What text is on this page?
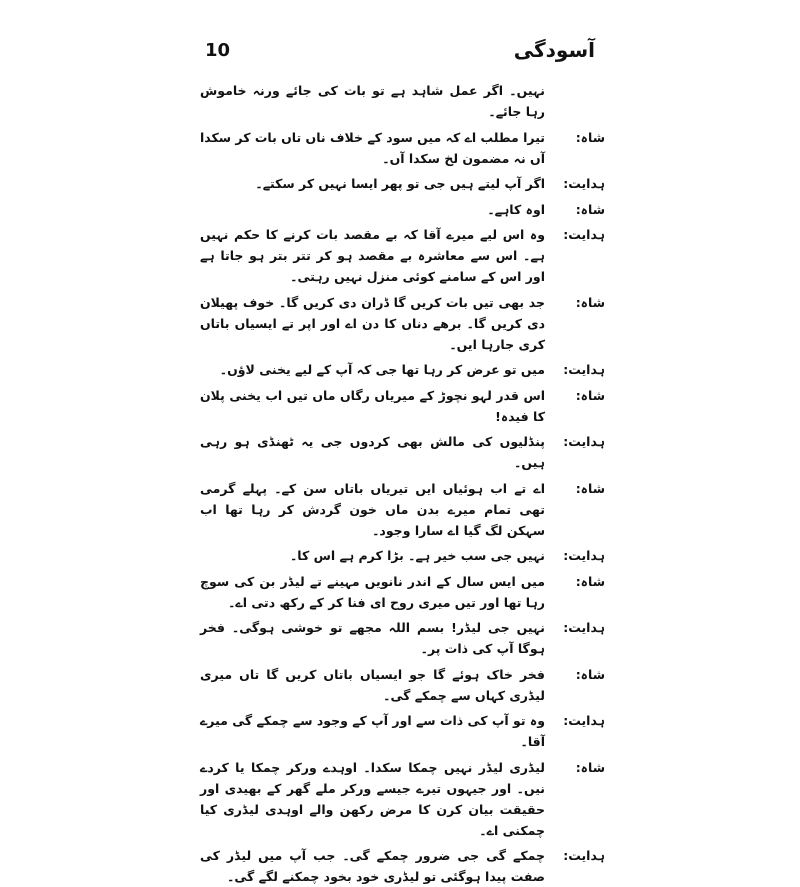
10	آسودگی
نہیں۔ اگر عمل شاہد ہے تو بات کی جائے ورنہ خاموش رہا جائے۔
شاہ:
تیرا مطلب اے کہ میں سود کے خلاف ناں تاں بات کر سکدا آں نہ مضمون لخ سکدا آں۔
ہدایت:
اگر آپ لیتے ہیں جی تو پھر ایسا نہیں کر سکتے۔
شاہ:
اوہ کاہے۔
ہدایت:
وہ اس لیے میرے آقا کہ بے مقصد بات کرنے کا حکم نہیں ہے۔ اس سے معاشرہ بے مقصد ہو کر تتر بتر ہو جاتا ہے اور اس کے سامنے کوئی منزل نہیں رہتی۔
شاہ:
جد بھی تیں بات کریں گا ڈران دی کریں گا۔ خوف پھیلان دی کریں گا۔ برھے دناں کا دن اے اور اپر تے ایسیاں باتاں کری جارہا ایں۔
ہدایت:
میں تو عرض کر رہا تھا جی کہ آپ کے لیے یخنی لاؤں۔
شاہ:
اس قدر لہو نچوڑ کے میریاں رگاں ماں تیں اب یخنی پلان کا فیدہ!
ہدایت:
پنڈلیوں کی مالش بھی کردوں جی یہ ٹھنڈی ہو رہی ہیں۔
شاہ:
اے تے اب ہوئیاں ایں تیریاں باتاں سن کے۔ پہلے گرمی تھی تمام میرے بدن ماں خون گردش کر رہا تھا اب سہکن لگ گیا اے سارا وجود۔
ہدایت:
نہیں جی سب خیر ہے۔ بڑا کرم ہے اس کا۔
شاہ:
میں ایس سال کے اندر نانویں مہینے تے لیڈر بن کی سوچ رہا تھا اور تیں میری روح ای فنا کر کے رکھ دتی اے۔
ہدایت:
نہیں جی لیڈر! بسم اللہ مجھے تو خوشی ہوگی۔ فخر ہوگا آپ کی ذات پر۔
شاہ:
فخر خاک ہوئے گا جو ایسیاں باتاں کریں گا تاں میری لیڈری کہاں سے چمکے گی۔
ہدایت:
وہ تو آپ کی ذات سے اور آپ کے وجود سے چمکے گی میرے آقا۔
شاہ:
لیڈری لیڈر نہیں چمکا سکدا۔ اوہدے ورکر چمکا یا کردے نیں۔ اور جیہوں تیرے جیسے ورکر ملے گھر کے بھیدی اور حقیقت بیان کرن کا مرض رکھن والے اوہدی لیڈری کیا چمکنی اے۔
ہدایت:
چمکے گی جی ضرور چمکے گی۔ جب آپ میں لیڈر کی صفت پیدا ہوگئی تو لیڈری خود بخود چمکنے لگے گی۔
